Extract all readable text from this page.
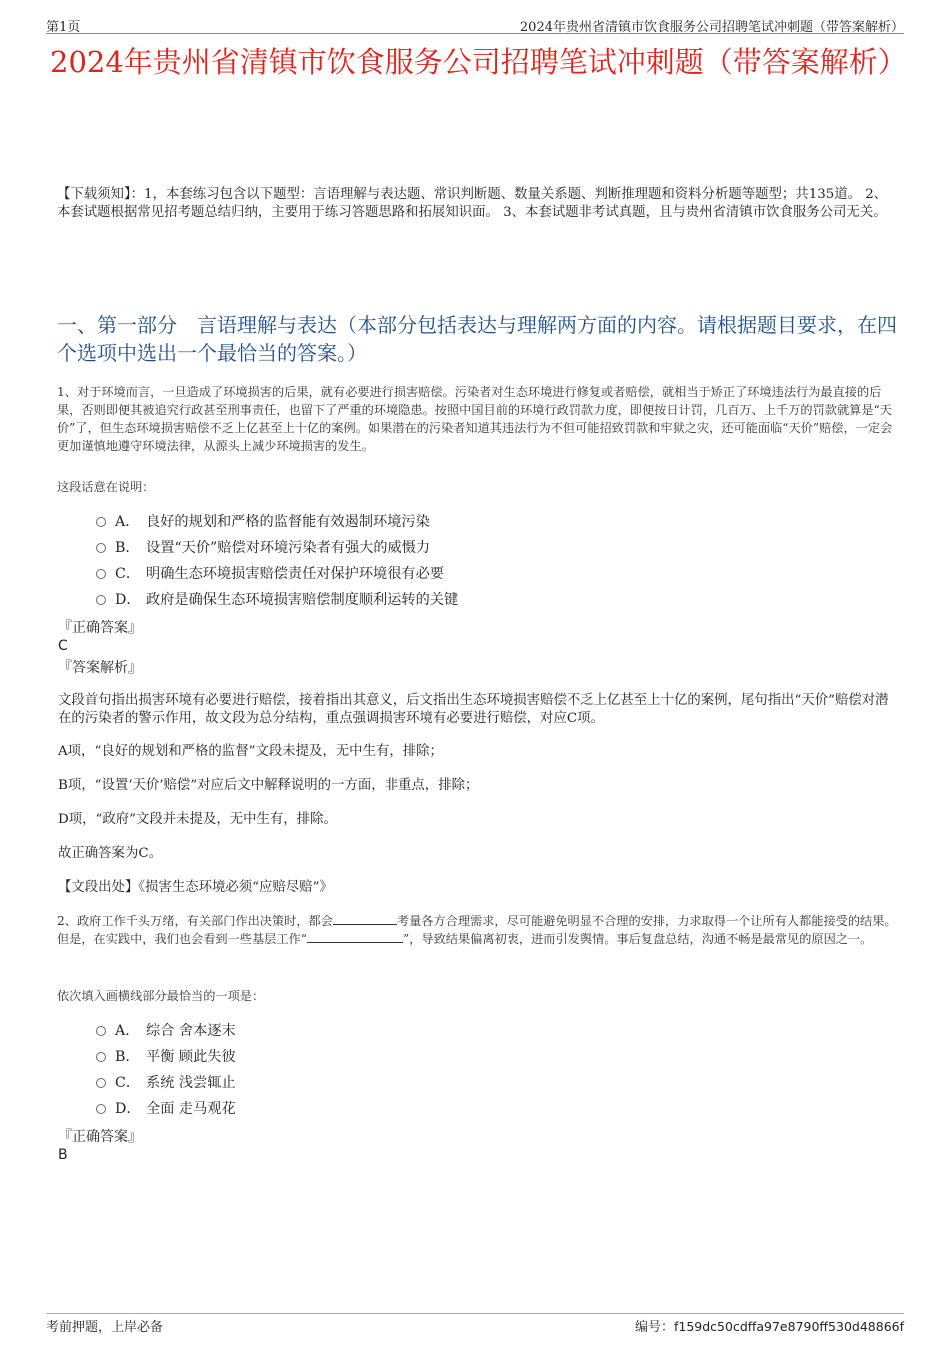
第1页	2024年贵州省清镇市饮食服务公司招聘笔试冲刺题（带答案解析）
2024年贵州省清镇市饮食服务公司招聘笔试冲刺题（带答案解析）
【下载须知】：1，本套练习包含以下题型：言语理解与表达题、常识判断题、数量关系题、判断推理题和资料分析题等题型；共135道。 2、本套试题根据常见招考题总结归纳，主要用于练习答题思路和拓展知识面。 3、本套试题非考试真题，且与贵州省清镇市饮食服务公司无关。
一、第一部分　言语理解与表达（本部分包括表达与理解两方面的内容。请根据题目要求，在四个选项中选出一个最恰当的答案。）
1、对于环境而言，一旦造成了环境损害的后果，就有必要进行损害赔偿。污染者对生态环境进行修复或者赔偿，就相当于矫正了环境违法行为最直接的后果，否则即便其被追究行政甚至刑事责任，也留下了严重的环境隐患。按照中国目前的环境行政罚款力度，即便按日计罚，几百万、上千万的罚款就算是“天价”了，但生态环境损害赔偿不乏上亿甚至上十亿的案例。如果潜在的污染者知道其违法行为不但可能招致罚款和牢狱之灾，还可能面临“天价”赔偿，一定会更加谨慎地遵守环境法律，从源头上减少环境损害的发生。
这段话意在说明：
A． 良好的规划和严格的监督能有效遏制环境污染
B． 设置“天价”赔偿对环境污染者有强大的威慑力
C． 明确生态环境损害赔偿责任对保护环境很有必要
D． 政府是确保生态环境损害赔偿制度顺利运转的关键
『正确答案』
C
『答案解析』
文段首句指出损害环境有必要进行赔偿，接着指出其意义，后文指出生态环境损害赔偿不乏上亿甚至上十亿的案例，尾句指出“天价”赔偿对潜在的污染者的警示作用，故文段为总分结构，重点强调损害环境有必要进行赔偿，对应C项。
A项，“良好的规划和严格的监督”文段未提及，无中生有，排除；
B项，“设置‘天价’赔偿”对应后文中解释说明的一方面，非重点，排除；
D项，“政府”文段并未提及，无中生有，排除。
故正确答案为C。
【文段出处】《损害生态环境必须“应赔尽赔”》
2、政府工作千头万绪，有关部门作出决策时，都会	考量各方合理需求，尽可能避免明显不合理的安排，力求取得一个让所有人都能接受的结果。但是，在实践中，我们也会看到一些基层工作“	”，导致结果偏离初衷，进而引发舆情。事后复盘总结，沟通不畅是最常见的原因之一。
依次填入画横线部分最恰当的一项是：
A． 综合 舍本逐末
B． 平衡 顾此失彼
C． 系统 浅尝辄止
D． 全面 走马观花
『正确答案』
B
考前押题，上岸必备	编号：f159dc50cdffa97e8790ff530d48866f
